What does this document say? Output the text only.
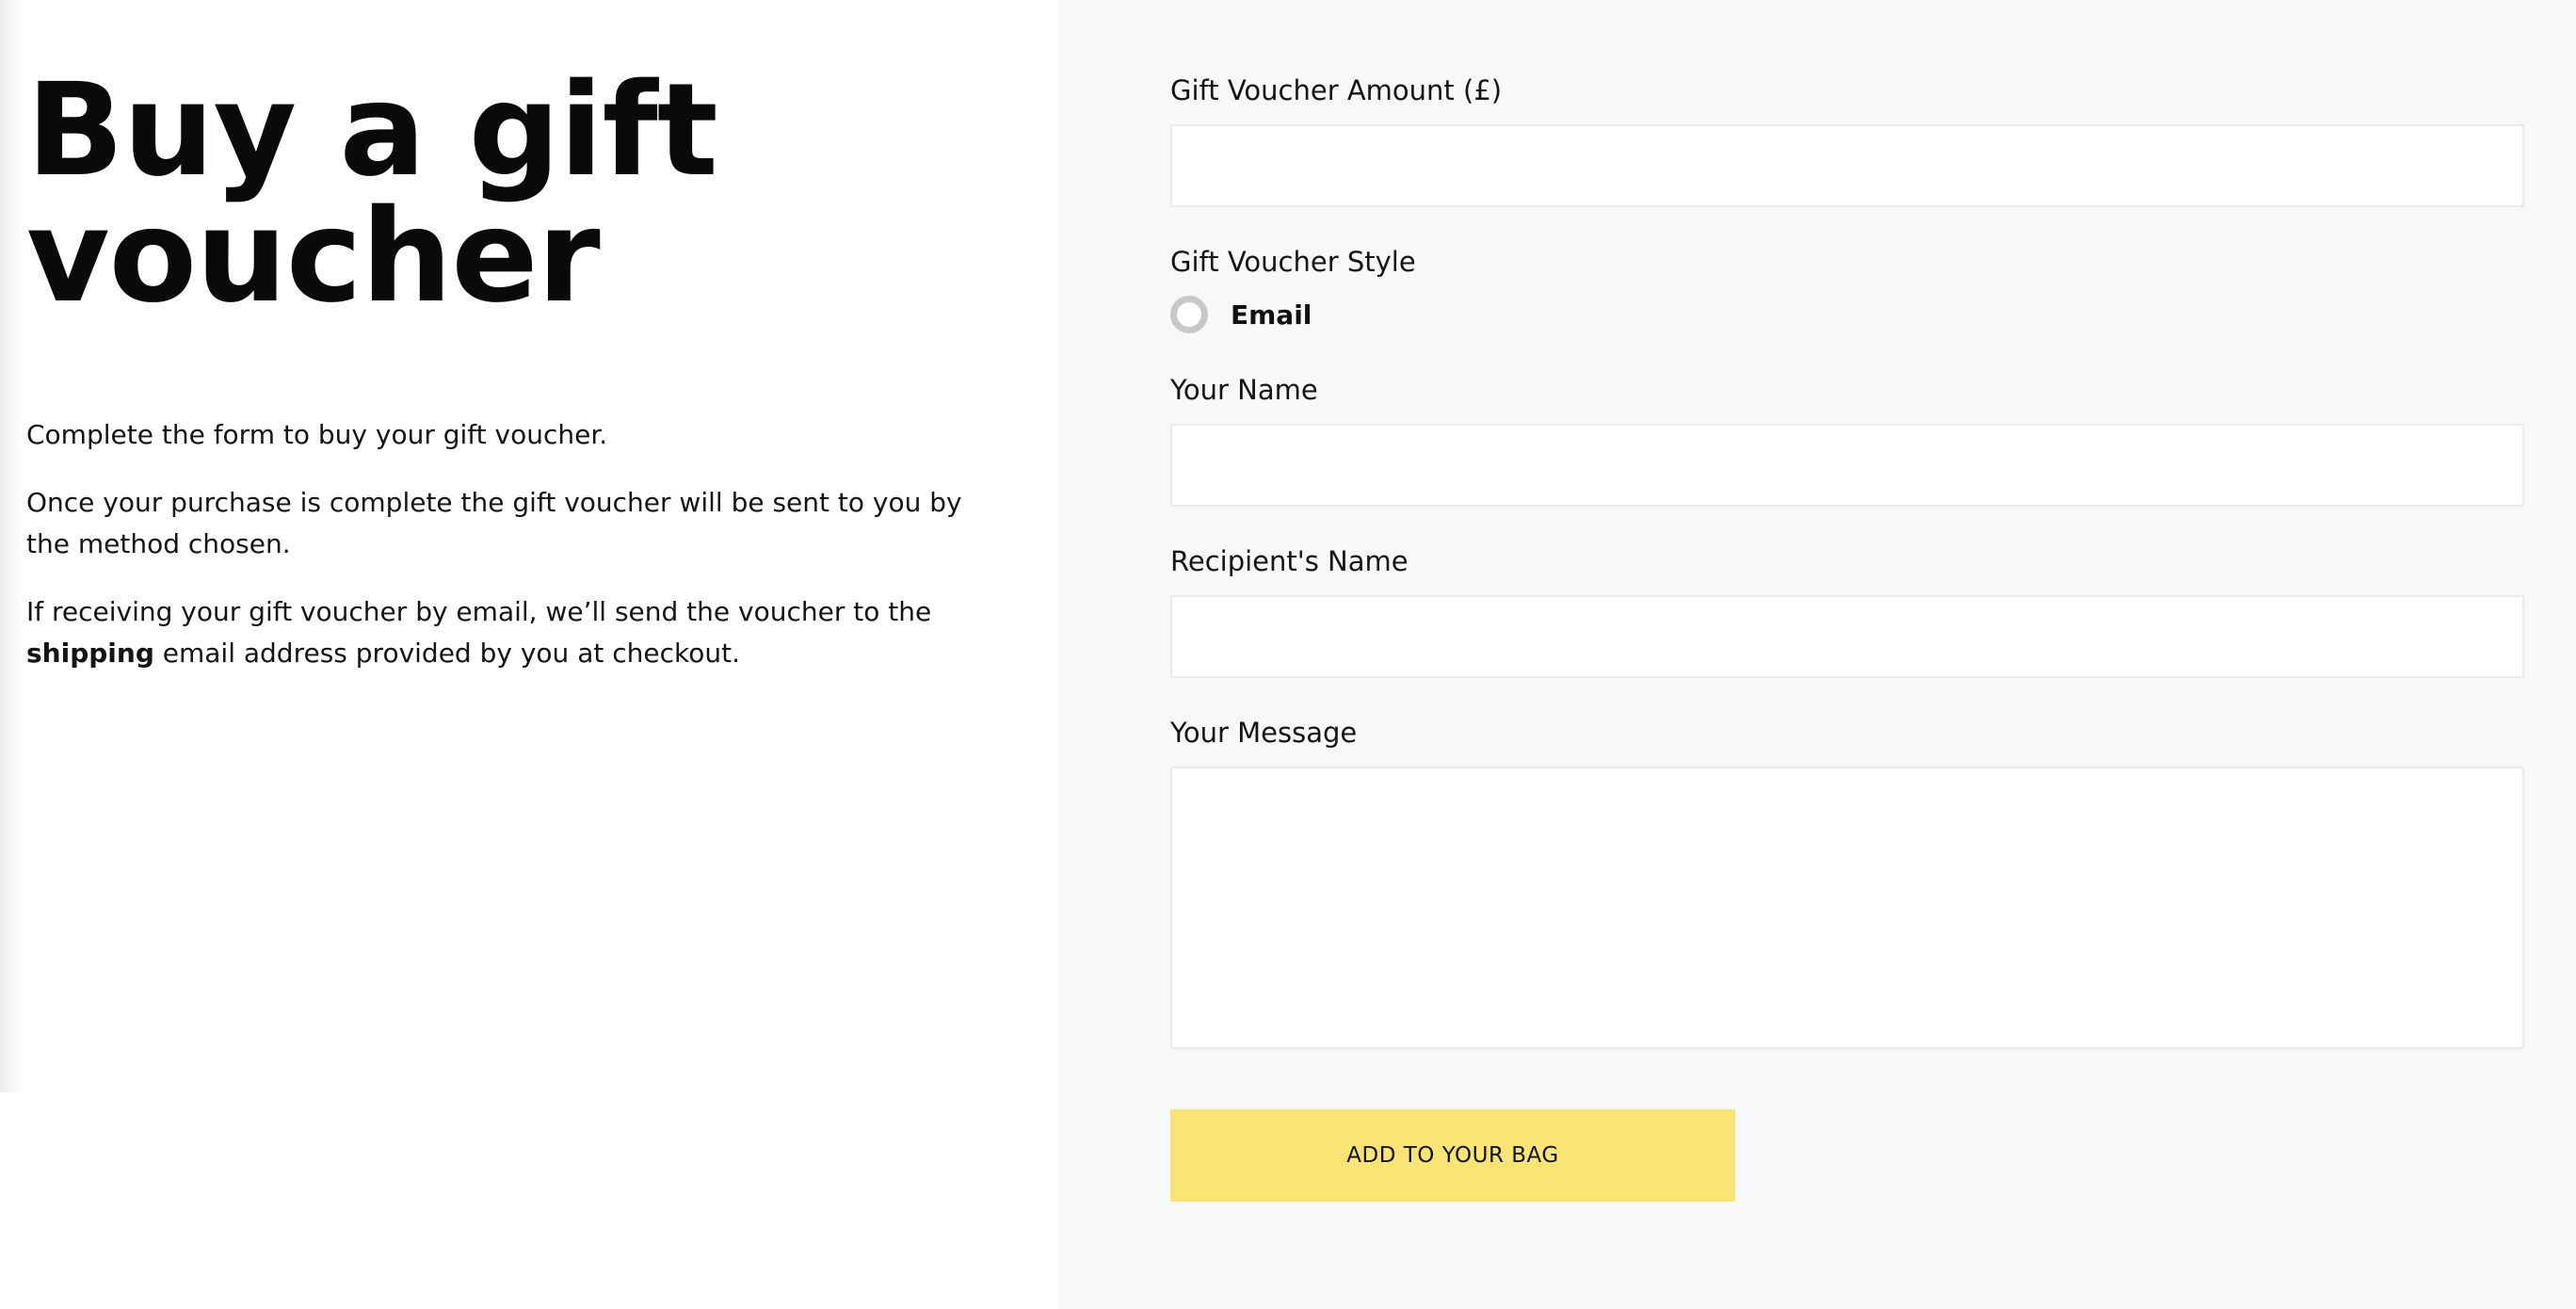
Buy a gift voucher

Complete the form to buy your gift voucher.

Once your purchase is complete the gift voucher will be sent to you by the method chosen.

If receiving your gift voucher by email, we’ll send the voucher to the shipping email address provided by you at checkout.

Gift Voucher Amount (£)
Gift Voucher Style
Email
Your Name
Recipient's Name
Your Message
ADD TO YOUR BAG
